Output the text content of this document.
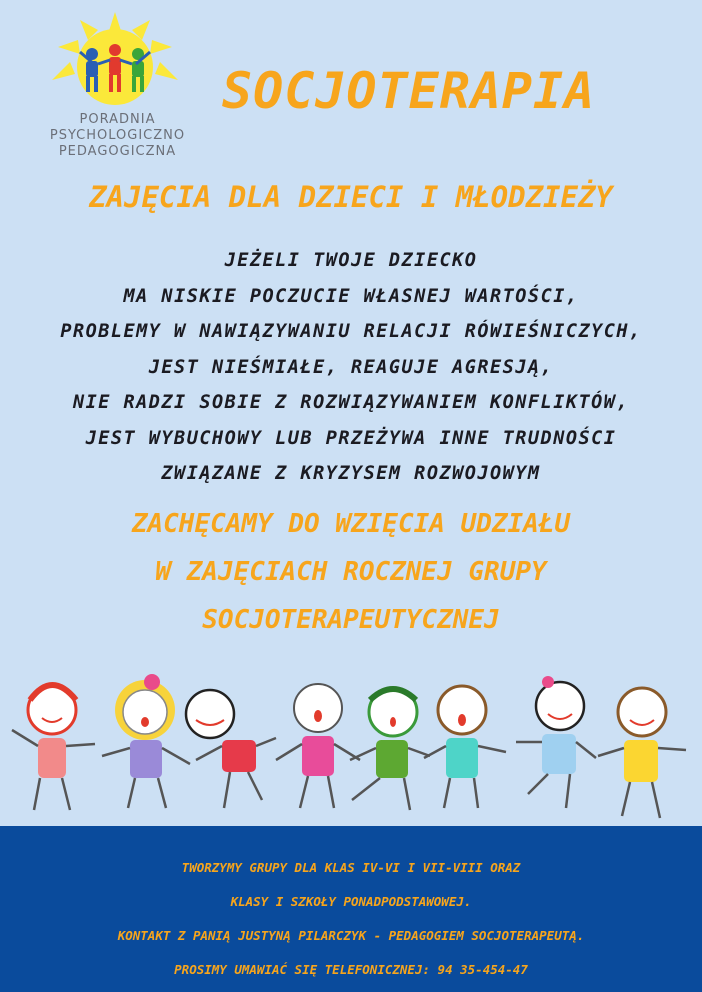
PORADNIA
PSYCHOLOGICZNO
PEDAGOGICZNA
SOCJOTERAPIA
ZAJĘCIA DLA DZIECI I MŁODZIEŻY
JEŻELI TWOJE DZIECKO
MA NISKIE POCZUCIE WŁASNEJ WARTOŚCI,
PROBLEMY W NAWIĄZYWANIU RELACJI RÓWIEŚNICZYCH,
JEST NIEŚMIAŁE, REAGUJE AGRESJĄ,
NIE RADZI SOBIE Z ROZWIĄZYWANIEM KONFLIKTÓW,
JEST WYBUCHOWY LUB PRZEŻYWA INNE TRUDNOŚCI
ZWIĄZANE Z KRYZYSEM ROZWOJOWYM
ZACHĘCAMY DO WZIĘCIA UDZIAŁU
W ZAJĘCIACH ROCZNEJ GRUPY
SOCJOTERAPEUTYCZNEJ
TWORZYMY GRUPY DLA KLAS IV-VI I VII-VIII ORAZ
KLASY I SZKOŁY PONADPODSTAWOWEJ.
KONTAKT Z PANIĄ JUSTYNĄ PILARCZYK - PEDAGOGIEM SOCJOTERAPEUTĄ.
PROSIMY UMAWIAĆ SIĘ TELEFONICZNEJ: 94 35-454-47
